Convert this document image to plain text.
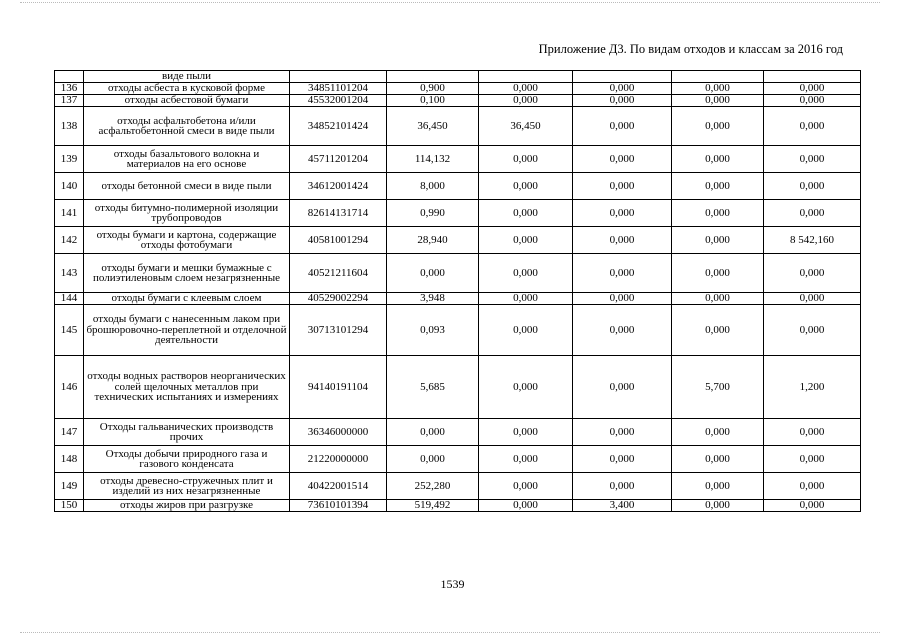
Приложение Д3. По видам отходов и классам за 2016 год
	виде пыли						
136	отходы асбеста в кусковой форме	34851101204	0,900	0,000	0,000	0,000	0,000
137	отходы асбестовой бумаги	45532001204	0,100	0,000	0,000	0,000	0,000
138	отходы асфальтобетона и/или асфальтобетонной смеси в виде пыли	34852101424	36,450	36,450	0,000	0,000	0,000
139	отходы базальтового волокна и материалов на его основе	45711201204	114,132	0,000	0,000	0,000	0,000
140	отходы бетонной смеси в виде пыли	34612001424	8,000	0,000	0,000	0,000	0,000
141	отходы битумно-полимерной изоляции трубопроводов	82614131714	0,990	0,000	0,000	0,000	0,000
142	отходы бумаги и картона, содержащие отходы фотобумаги	40581001294	28,940	0,000	0,000	0,000	8 542,160
143	отходы бумаги и мешки бумажные с полиэтиленовым слоем незагрязненные	40521211604	0,000	0,000	0,000	0,000	0,000
144	отходы бумаги с клеевым слоем	40529002294	3,948	0,000	0,000	0,000	0,000
145	отходы бумаги с нанесенным лаком при брошюровочно-переплетной и отделочной деятельности	30713101294	0,093	0,000	0,000	0,000	0,000
146	отходы водных растворов неорганических солей щелочных металлов при технических испытаниях и измерениях	94140191104	5,685	0,000	0,000	5,700	1,200
147	Отходы гальванических производств прочих	36346000000	0,000	0,000	0,000	0,000	0,000
148	Отходы добычи природного газа и газового конденсата	21220000000	0,000	0,000	0,000	0,000	0,000
149	отходы древесно-стружечных плит и изделий из них незагрязненные	40422001514	252,280	0,000	0,000	0,000	0,000
150	отходы жиров при разгрузке	73610101394	519,492	0,000	3,400	0,000	0,000
1539
